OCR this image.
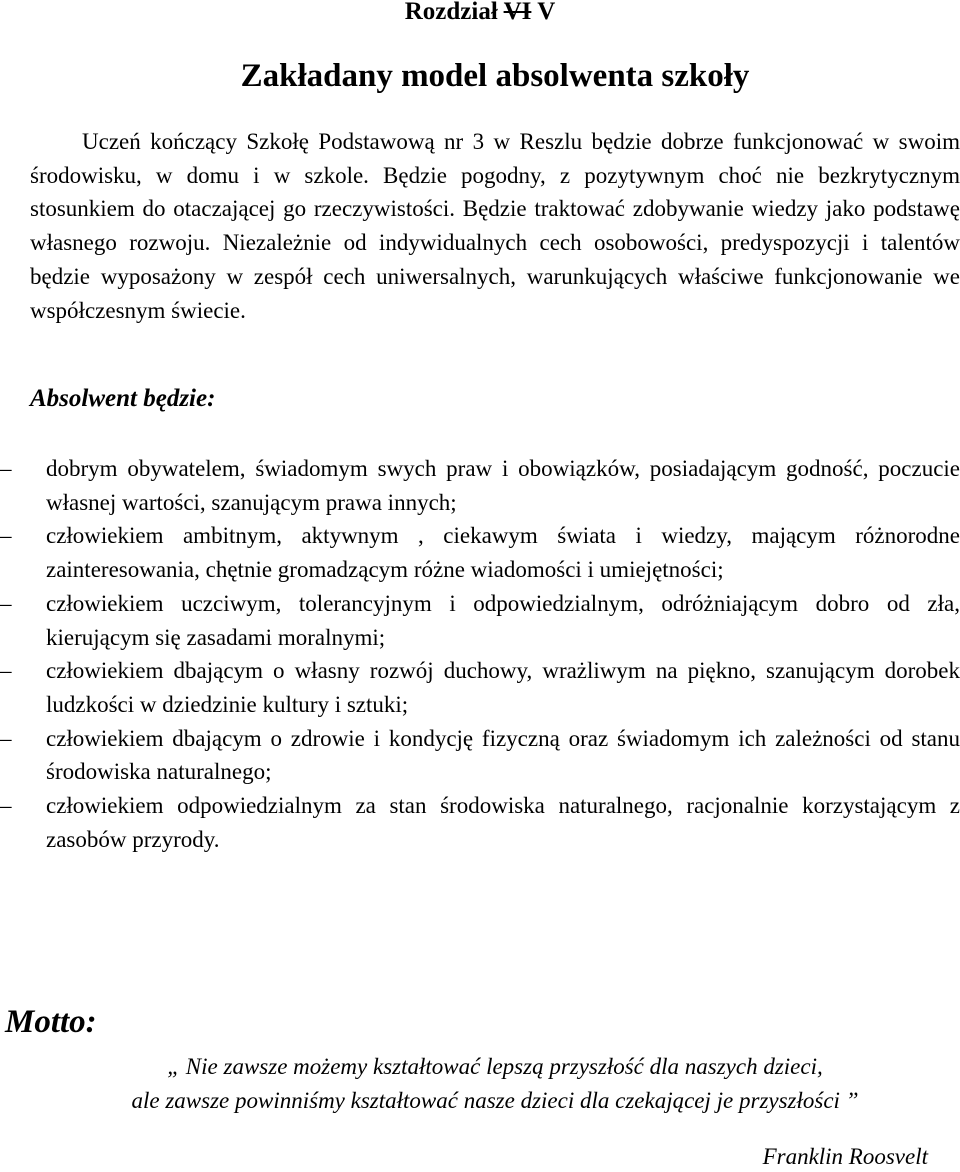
Rozdział VI V
Zakładany model absolwenta szkoły

Uczeń kończący Szkołę Podstawową nr 3 w Reszlu będzie dobrze funkcjonować w swoim środowisku, w domu i w szkole. Będzie pogodny, z pozytywnym choć nie bezkrytycznym stosunkiem do otaczającej go rzeczywistości. Będzie traktować zdobywanie wiedzy jako podstawę własnego rozwoju. Niezależnie od indywidualnych cech osobowości, predyspozycji i talentów będzie wyposażony w zespół cech uniwersalnych, warunkujących właściwe funkcjonowanie we współczesnym świecie.

Absolwent będzie:
– dobrym obywatelem, świadomym swych praw i obowiązków, posiadającym godność, poczucie własnej wartości, szanującym prawa innych;
– człowiekiem ambitnym, aktywnym , ciekawym świata i wiedzy, mającym różnorodne zainteresowania, chętnie gromadzącym różne wiadomości i umiejętności;
– człowiekiem uczciwym, tolerancyjnym i odpowiedzialnym, odróżniającym dobro od zła, kierującym się zasadami moralnymi;
– człowiekiem dbającym o własny rozwój duchowy, wrażliwym na piękno, szanującym dorobek ludzkości w dziedzinie kultury i sztuki;
– człowiekiem dbającym o zdrowie i kondycję fizyczną oraz świadomym ich zależności od stanu środowiska naturalnego;
– człowiekiem odpowiedzialnym za stan środowiska naturalnego, racjonalnie korzystającym z zasobów przyrody.
Motto:
„ Nie zawsze możemy kształtować lepszą przyszłość dla naszych dzieci,
ale zawsze powinniśmy kształtować nasze dzieci dla czekającej je przyszłości ”
Franklin Roosvelt
